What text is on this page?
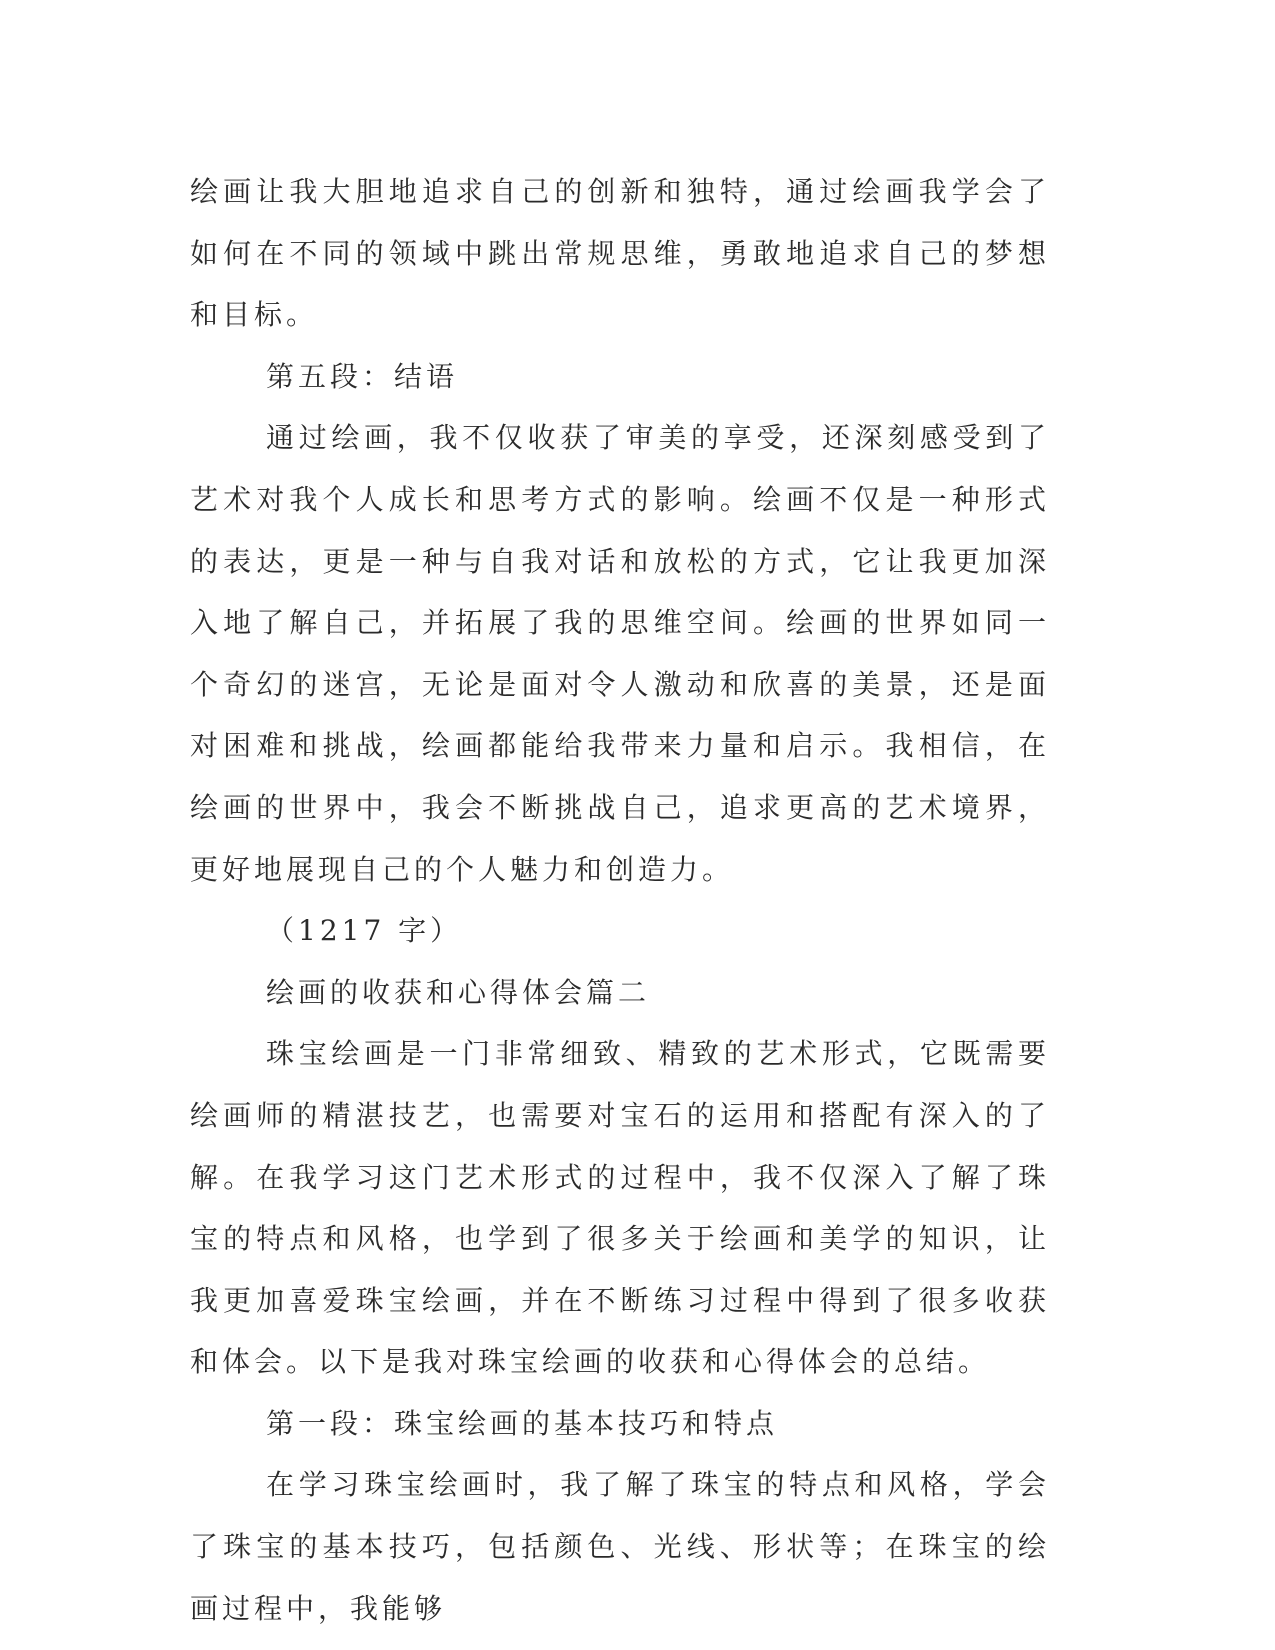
绘画让我大胆地追求自己的创新和独特，通过绘画我学会了如何在不同的领域中跳出常规思维，勇敢地追求自己的梦想和目标。

第五段：结语

通过绘画，我不仅收获了审美的享受，还深刻感受到了艺术对我个人成长和思考方式的影响。绘画不仅是一种形式的表达，更是一种与自我对话和放松的方式，它让我更加深入地了解自己，并拓展了我的思维空间。绘画的世界如同一个奇幻的迷宫，无论是面对令人激动和欣喜的美景，还是面对困难和挑战，绘画都能给我带来力量和启示。我相信，在绘画的世界中，我会不断挑战自己，追求更高的艺术境界，更好地展现自己的个人魅力和创造力。

（1217 字）

绘画的收获和心得体会篇二

珠宝绘画是一门非常细致、精致的艺术形式，它既需要绘画师的精湛技艺，也需要对宝石的运用和搭配有深入的了解。在我学习这门艺术形式的过程中，我不仅深入了解了珠宝的特点和风格，也学到了很多关于绘画和美学的知识，让我更加喜爱珠宝绘画，并在不断练习过程中得到了很多收获和体会。以下是我对珠宝绘画的收获和心得体会的总结。

第一段：珠宝绘画的基本技巧和特点

在学习珠宝绘画时，我了解了珠宝的特点和风格，学会了珠宝的基本技巧，包括颜色、光线、形状等；在珠宝的绘画过程中，我能够
